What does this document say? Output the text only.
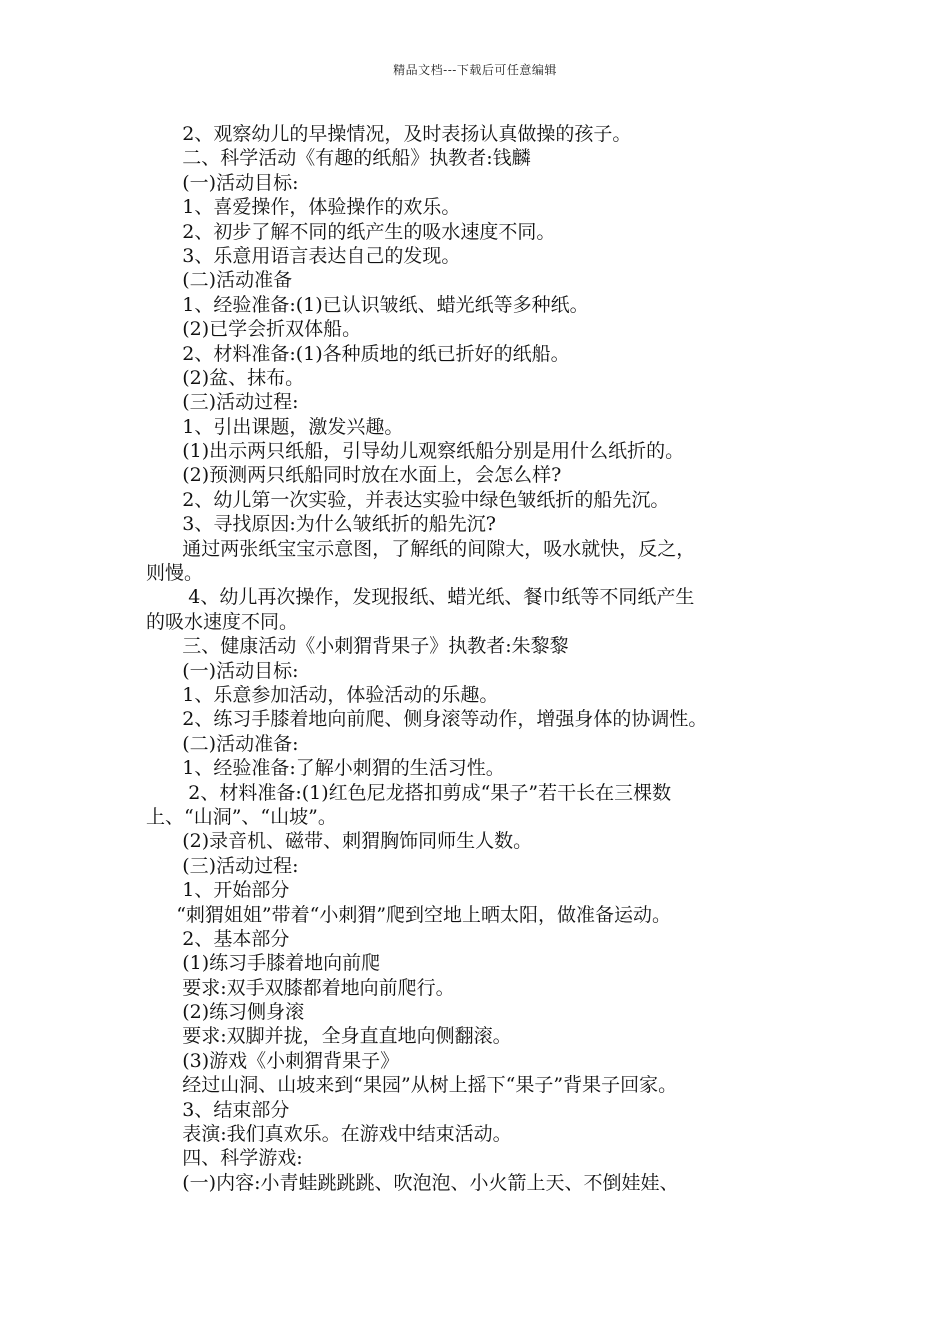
精品文档---下载后可任意编辑
2、观察幼儿的早操情况，及时表扬认真做操的孩子。
二、科学活动《有趣的纸船》执教者:钱麟
(一)活动目标:
1、喜爱操作，体验操作的欢乐。
2、初步了解不同的纸产生的吸水速度不同。
3、乐意用语言表达自己的发现。
(二)活动准备
1、经验准备:(1)已认识皱纸、蜡光纸等多种纸。
(2)已学会折双体船。
2、材料准备:(1)各种质地的纸已折好的纸船。
(2)盆、抹布。
(三)活动过程:
1、引出课题，激发兴趣。
(1)出示两只纸船，引导幼儿观察纸船分别是用什么纸折的。
(2)预测两只纸船同时放在水面上，会怎么样?
2、幼儿第一次实验，并表达实验中绿色皱纸折的船先沉。
3、寻找原因:为什么皱纸折的船先沉?
通过两张纸宝宝示意图，了解纸的间隙大，吸水就快，反之，
则慢。
4、幼儿再次操作，发现报纸、蜡光纸、餐巾纸等不同纸产生
的吸水速度不同。
三、健康活动《小刺猬背果子》执教者:朱黎黎
(一)活动目标:
1、乐意参加活动，体验活动的乐趣。
2、练习手膝着地向前爬、侧身滚等动作，增强身体的协调性。
(二)活动准备:
1、经验准备:了解小刺猬的生活习性。
2、材料准备:(1)红色尼龙搭扣剪成“果子”若干长在三棵数
上、“山洞”、“山坡”。
(2)录音机、磁带、刺猬胸饰同师生人数。
(三)活动过程:
1、开始部分
“刺猬姐姐”带着“小刺猬”爬到空地上晒太阳，做准备运动。
2、基本部分
(1)练习手膝着地向前爬
要求:双手双膝都着地向前爬行。
(2)练习侧身滚
要求:双脚并拢，全身直直地向侧翻滚。
(3)游戏《小刺猬背果子》
经过山洞、山坡来到“果园”从树上摇下“果子”背果子回家。
3、结束部分
表演:我们真欢乐。在游戏中结束活动。
四、科学游戏:
(一)内容:小青蛙跳跳跳、吹泡泡、小火箭上天、不倒娃娃、
